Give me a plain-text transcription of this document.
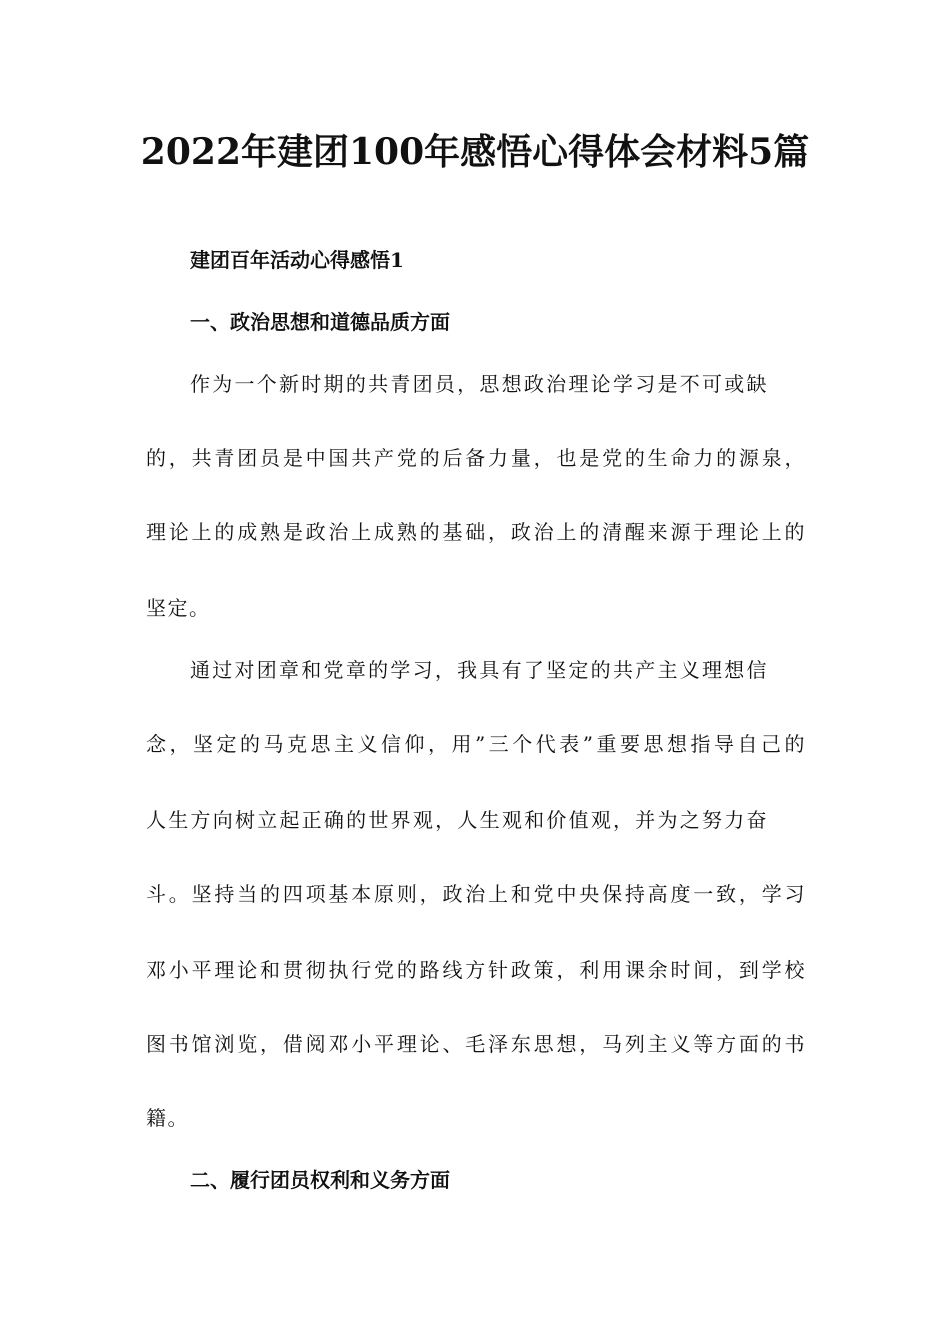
2022年建团100年感悟心得体会材料5篇
建团百年活动心得感悟1
一、政治思想和道德品质方面
作为一个新时期的共青团员，思想政治理论学习是不可或缺
的，共青团员是中国共产党的后备力量，也是党的生命力的源泉，
理论上的成熟是政治上成熟的基础，政治上的清醒来源于理论上的
坚定。
通过对团章和党章的学习，我具有了坚定的共产主义理想信
念，坚定的马克思主义信仰，用”三个代表”重要思想指导自己的
人生方向树立起正确的世界观，人生观和价值观，并为之努力奋
斗。坚持当的四项基本原则，政治上和党中央保持高度一致，学习
邓小平理论和贯彻执行党的路线方针政策，利用课余时间，到学校
图书馆浏览，借阅邓小平理论、毛泽东思想，马列主义等方面的书
籍。
二、履行团员权利和义务方面
